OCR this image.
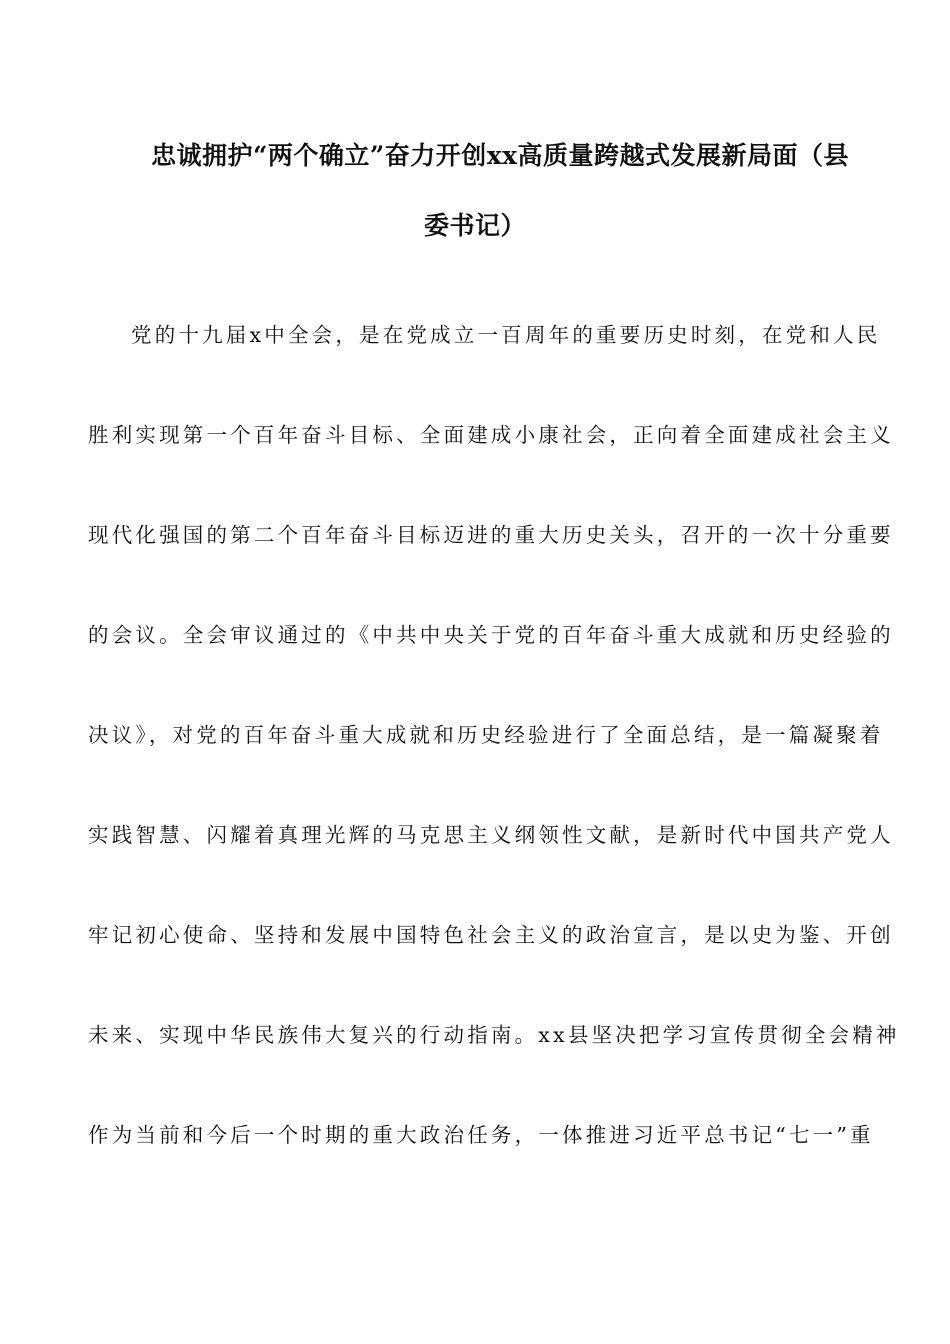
忠诚拥护“两个确立”奋力开创xx高质量跨越式发展新局面（县
委书记）
党的十九届x中全会，是在党成立一百周年的重要历史时刻，在党和人民
胜利实现第一个百年奋斗目标、全面建成小康社会，正向着全面建成社会主义
现代化强国的第二个百年奋斗目标迈进的重大历史关头，召开的一次十分重要
的会议。全会审议通过的《中共中央关于党的百年奋斗重大成就和历史经验的
决议》，对党的百年奋斗重大成就和历史经验进行了全面总结，是一篇凝聚着
实践智慧、闪耀着真理光辉的马克思主义纲领性文献，是新时代中国共产党人
牢记初心使命、坚持和发展中国特色社会主义的政治宣言，是以史为鉴、开创
未来、实现中华民族伟大复兴的行动指南。xx县坚决把学习宣传贯彻全会精神
作为当前和今后一个时期的重大政治任务，一体推进习近平总书记“七一”重
